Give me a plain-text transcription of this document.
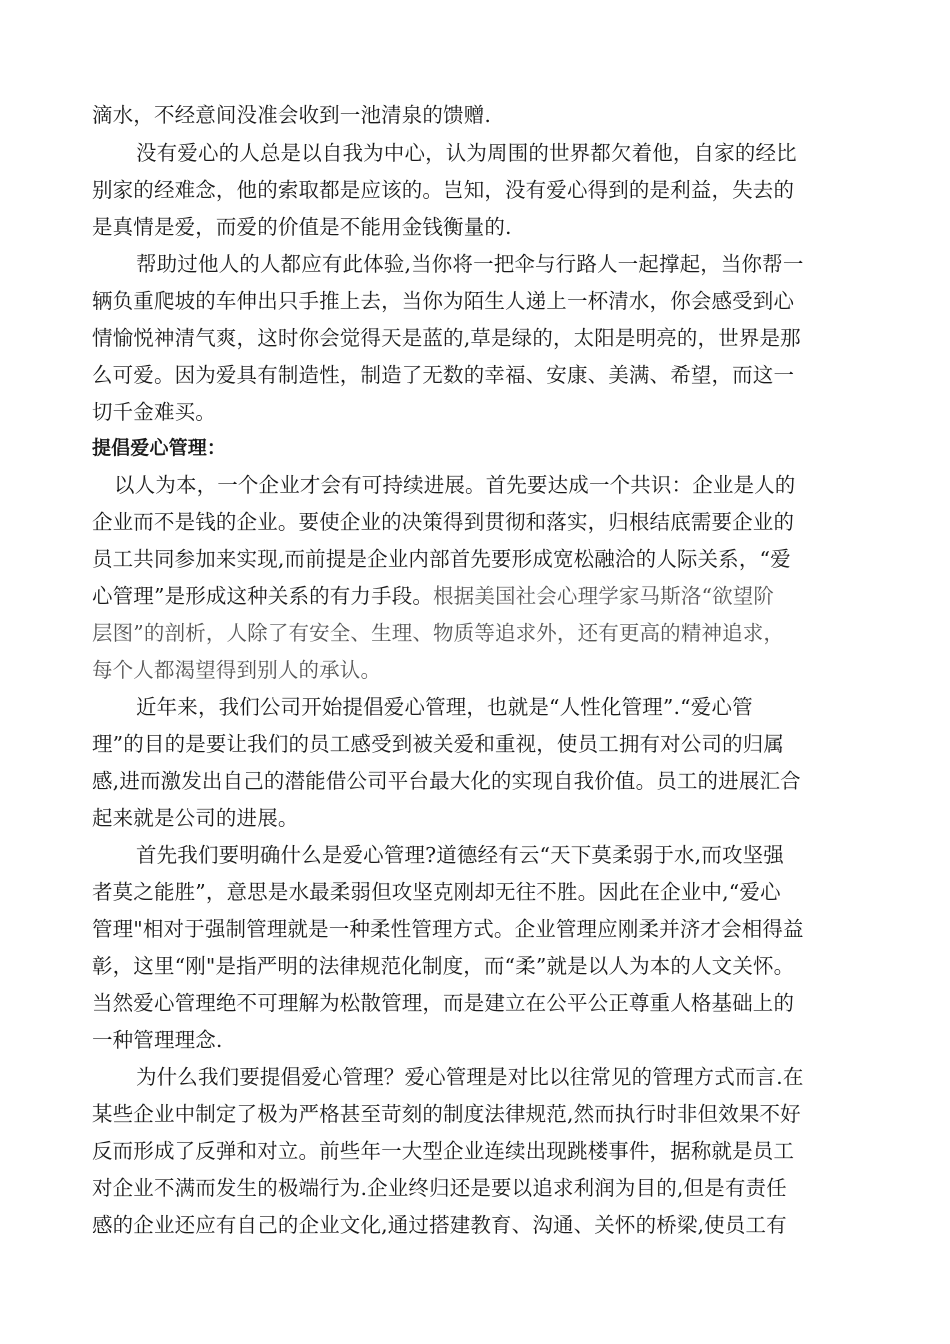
滴水，不经意间没准会收到一池清泉的馈赠.
没有爱心的人总是以自我为中心，认为周围的世界都欠着他，自家的经比
别家的经难念，他的索取都是应该的。岂知，没有爱心得到的是利益，失去的
是真情是爱，而爱的价值是不能用金钱衡量的.
帮助过他人的人都应有此体验,当你将一把伞与行路人一起撑起，当你帮一
辆负重爬坡的车伸出只手推上去，当你为陌生人递上一杯清水，你会感受到心
情愉悦神清气爽，这时你会觉得天是蓝的,草是绿的，太阳是明亮的，世界是那
么可爱。因为爱具有制造性，制造了无数的幸福、安康、美满、希望，而这一
切千金难买。
提倡爱心管理：
以人为本，一个企业才会有可持续进展。首先要达成一个共识：企业是人的
企业而不是钱的企业。要使企业的决策得到贯彻和落实，归根结底需要企业的
员工共同参加来实现,而前提是企业内部首先要形成宽松融洽的人际关系，“爱
心管理”是形成这种关系的有力手段。根据美国社会心理学家马斯洛“欲望阶
层图”的剖析，人除了有安全、生理、物质等追求外，还有更高的精神追求，
每个人都渴望得到别人的承认。
近年来，我们公司开始提倡爱心管理，也就是“人性化管理”.“爱心管
理”的目的是要让我们的员工感受到被关爱和重视，使员工拥有对公司的归属
感,进而激发出自己的潜能借公司平台最大化的实现自我价值。员工的进展汇合
起来就是公司的进展。
首先我们要明确什么是爱心管理?道德经有云“天下莫柔弱于水,而攻坚强
者莫之能胜”，意思是水最柔弱但攻坚克刚却无往不胜。因此在企业中,“爱心
管理"相对于强制管理就是一种柔性管理方式。企业管理应刚柔并济才会相得益
彰，这里“刚"是指严明的法律规范化制度，而“柔”就是以人为本的人文关怀。
当然爱心管理绝不可理解为松散管理，而是建立在公平公正尊重人格基础上的
一种管理理念.
为什么我们要提倡爱心管理？爱心管理是对比以往常见的管理方式而言.在
某些企业中制定了极为严格甚至苛刻的制度法律规范,然而执行时非但效果不好
反而形成了反弹和对立。前些年一大型企业连续出现跳楼事件，据称就是员工
对企业不满而发生的极端行为.企业终归还是要以追求利润为目的,但是有责任
感的企业还应有自己的企业文化,通过搭建教育、沟通、关怀的桥梁,使员工有
